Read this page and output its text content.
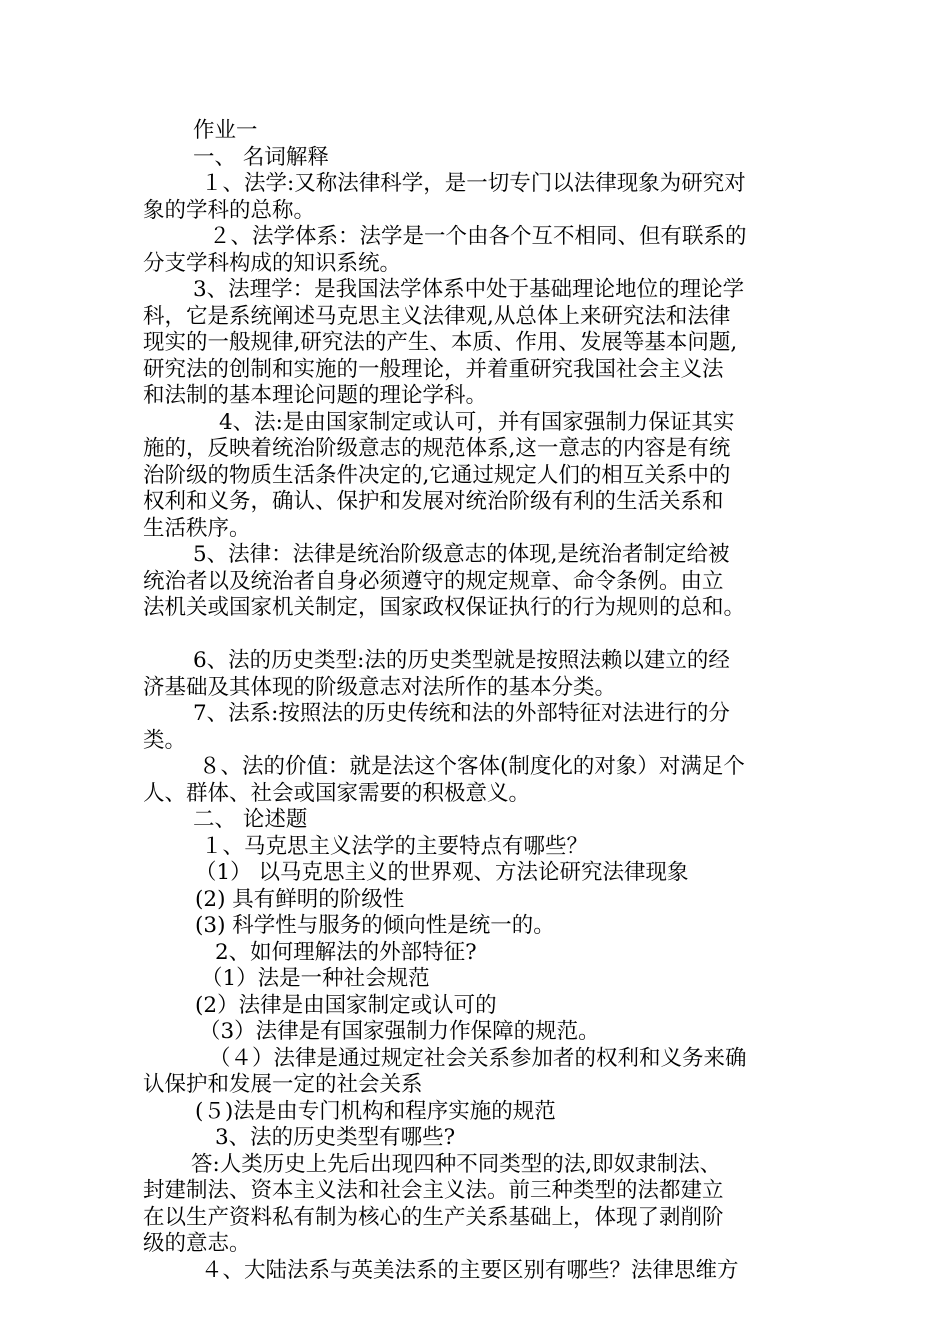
作业一
一、 名词解释
１、法学:又称法律科学，是一切专门以法律现象为研究对
象的学科的总称。
２、法学体系：法学是一个由各个互不相同、但有联系的
分支学科构成的知识系统。
3、法理学：是我国法学体系中处于基础理论地位的理论学
科，它是系统阐述马克思主义法律观,从总体上来研究法和法律
现实的一般规律,研究法的产生、本质、作用、发展等基本问题,
研究法的创制和实施的一般理论，并着重研究我国社会主义法
和法制的基本理论问题的理论学科。
4、法:是由国家制定或认可，并有国家强制力保证其实
施的，反映着统治阶级意志的规范体系,这一意志的内容是有统
治阶级的物质生活条件决定的,它通过规定人们的相互关系中的
权利和义务，确认、保护和发展对统治阶级有利的生活关系和
生活秩序。
5、法律：法律是统治阶级意志的体现,是统治者制定给被
统治者以及统治者自身必须遵守的规定规章、命令条例。由立
法机关或国家机关制定，国家政权保证执行的行为规则的总和。
6、法的历史类型:法的历史类型就是按照法赖以建立的经
济基础及其体现的阶级意志对法所作的基本分类。
7、法系:按照法的历史传统和法的外部特征对法进行的分
类。
８、法的价值：就是法这个客体(制度化的对象）对满足个
人、群体、社会或国家需要的积极意义。
二、 论述题
１、马克思主义法学的主要特点有哪些？
（1） 以马克思主义的世界观、方法论研究法律现象
(2) 具有鲜明的阶级性
(3) 科学性与服务的倾向性是统一的。
2、如何理解法的外部特征?
（1）法是一种社会规范
(2）法律是由国家制定或认可的
（3）法律是有国家强制力作保障的规范。
（４）法律是通过规定社会关系参加者的权利和义务来确
认保护和发展一定的社会关系
(５)法是由专门机构和程序实施的规范
3、法的历史类型有哪些?
答:人类历史上先后出现四种不同类型的法,即奴隶制法、
封建制法、资本主义法和社会主义法。前三种类型的法都建立
在以生产资料私有制为核心的生产关系基础上，体现了剥削阶
级的意志。
４、大陆法系与英美法系的主要区别有哪些？法律思维方
